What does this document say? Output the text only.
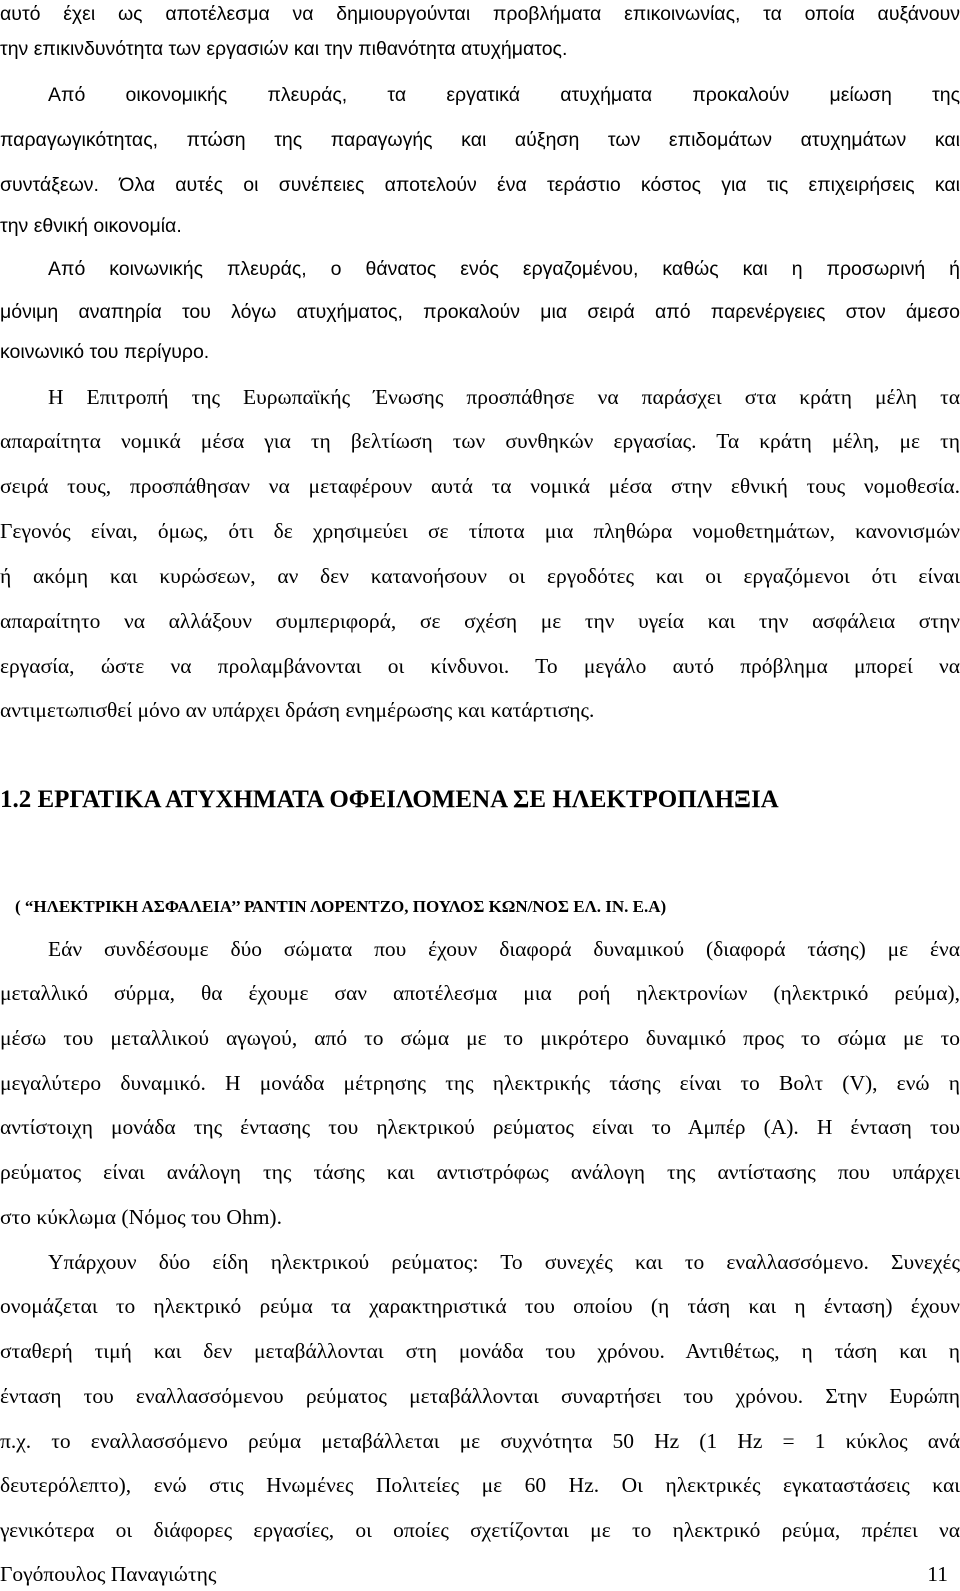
αυτό έχει ως αποτέλεσμα να δημιουργούνται προβλήματα επικοινωνίας, τα οποία αυξάνουν

την επικινδυνότητα των εργασιών και την πιθανότητα ατυχήματος.

Από οικονομικής πλευράς, τα εργατικά ατυχήματα προκαλούν μείωση της

παραγωγικότητας, πτώση της παραγωγής και αύξηση των επιδομάτων ατυχημάτων και

συντάξεων. Όλα αυτές οι συνέπειες αποτελούν ένα τεράστιο κόστος για τις επιχειρήσεις και

την εθνική οικονομία.

Από κοινωνικής πλευράς, ο θάνατος ενός εργαζομένου, καθώς και η προσωρινή ή

μόνιμη αναπηρία του λόγω ατυχήματος, προκαλούν μια σειρά από παρενέργειες στον άμεσο

κοινωνικό του περίγυρο.

Η Επιτροπή της Ευρωπαϊκής Ένωσης προσπάθησε να παράσχει στα κράτη μέλη τα

απαραίτητα νομικά μέσα για τη βελτίωση των συνθηκών εργασίας. Τα κράτη μέλη, με τη

σειρά τους, προσπάθησαν να μεταφέρουν αυτά τα νομικά μέσα στην εθνική τους νομοθεσία.

Γεγονός είναι, όμως, ότι δε χρησιμεύει σε τίποτα μια πληθώρα νομοθετημάτων, κανονισμών

ή ακόμη και κυρώσεων, αν δεν κατανοήσουν οι εργοδότες και οι εργαζόμενοι ότι είναι

απαραίτητο να αλλάξουν συμπεριφορά, σε σχέση με την υγεία και την ασφάλεια στην

εργασία, ώστε να προλαμβάνονται οι κίνδυνοι. Το μεγάλο αυτό πρόβλημα μπορεί να

αντιμετωπισθεί μόνο αν υπάρχει δράση ενημέρωσης και κατάρτισης.

1.2 ΕΡΓΑΤΙΚΑ ΑΤΥΧΗΜΑΤΑ ΟΦΕΙΛΟΜΕΝΑ ΣΕ ΗΛΕΚΤΡΟΠΛΗΞΙΑ

( “ΗΛΕΚΤΡΙΚΗ ΑΣΦΑΛΕΙΑ’’ ΡΑΝΤΙΝ ΛΟΡΕΝΤΖΟ, ΠΟΥΛΟΣ ΚΩΝ/ΝΟΣ ΕΛ. ΙΝ. Ε.Α)

Εάν συνδέσουμε δύο σώματα που έχουν διαφορά δυναμικού (διαφορά τάσης) με ένα

μεταλλικό σύρμα, θα έχουμε σαν αποτέλεσμα μια ροή ηλεκτρονίων (ηλεκτρικό ρεύμα),

μέσω του μεταλλικού αγωγού, από το σώμα με το μικρότερο δυναμικό προς το σώμα με το

μεγαλύτερο δυναμικό. Η μονάδα μέτρησης της ηλεκτρικής τάσης είναι το Βολτ (V), ενώ η

αντίστοιχη μονάδα της έντασης του ηλεκτρικού ρεύματος είναι το Αμπέρ (A). Η ένταση του

ρεύματος είναι ανάλογη της τάσης και αντιστρόφως ανάλογη της αντίστασης που υπάρχει

στο κύκλωμα (Νόμος του Ohm).

Υπάρχουν δύο είδη ηλεκτρικού ρεύματος: Το συνεχές και το εναλλασσόμενο. Συνεχές

ονομάζεται το ηλεκτρικό ρεύμα τα χαρακτηριστικά του οποίου (η τάση και η ένταση) έχουν

σταθερή τιμή και δεν μεταβάλλονται στη μονάδα του χρόνου. Αντιθέτως, η τάση και η

ένταση του εναλλασσόμενου ρεύματος μεταβάλλονται συναρτήσει του χρόνου. Στην Ευρώπη

π.χ. το εναλλασσόμενο ρεύμα μεταβάλλεται με συχνότητα 50 Hz (1 Hz = 1 κύκλος ανά

δευτερόλεπτο), ενώ στις Ηνωμένες Πολιτείες με 60 Hz. Οι ηλεκτρικές εγκαταστάσεις και

γενικότερα οι διάφορες εργασίες, οι οποίες σχετίζονται με το ηλεκτρικό ρεύμα, πρέπει να

Γογόπουλος Παναγιώτης	11
